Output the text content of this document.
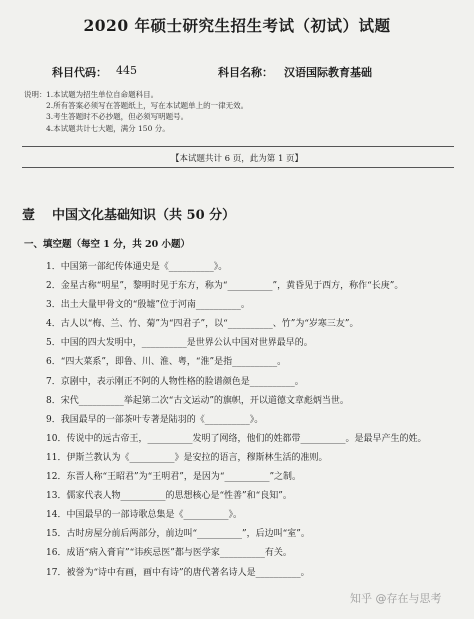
2020 年硕士研究生招生考试（初试）试题
科目代码： 445	科目名称： 汉语国际教育基础
说明：1.本试题为招生单位自命题科目。
2.所有答案必须写在答题纸上，写在本试题单上的一律无效。
3.考生答题时不必抄题，但必须写明题号。
4.本试题共计七大题，满分 150 分。
【本试题共计 6 页，此为第 1 页】
壹 中国文化基础知识（共 50 分）
一、填空题（每空 1 分，共 20 小题）
1．中国第一部纪传体通史是《__________》。
2．金星古称“明星”，黎明时见于东方，称为“__________”，黄昏见于西方，称作“长庚”。
3．出土大量甲骨文的“殷墟”位于河南__________。
4．古人以“梅、兰、竹、菊”为“四君子”，以“__________、竹”为“岁寒三友”。
5．中国的四大发明中，__________是世界公认中国对世界最早的。
6．“四大菜系”，即鲁、川、淮、粤，“淮”是指__________。
7．京剧中，表示刚正不阿的人物性格的脸谱颜色是__________。
8．宋代__________举起第二次“古文运动”的旗帜，开以道德文章彪炳当世。
9．我国最早的一部茶叶专著是陆羽的《__________》。
10．传说中的远古帝王，__________发明了网络，他们的姓都带__________。是最早产生的姓。
11．伊斯兰教认为《__________》是安拉的语言，穆斯林生活的准则。
12．东晋人称“王昭君”为“王明君”，是因为“__________”之制。
13．儒家代表人物__________的思想核心是“性善”和“良知”。
14．中国最早的一部诗歌总集是《__________》。
15．古时房屋分前后两部分，前边叫“__________”，后边叫“室”。
16．成语“病入膏肓”“讳疾忌医”都与医学家__________有关。
17．被誉为“诗中有画，画中有诗”的唐代著名诗人是__________。
知乎 @存在与思考
